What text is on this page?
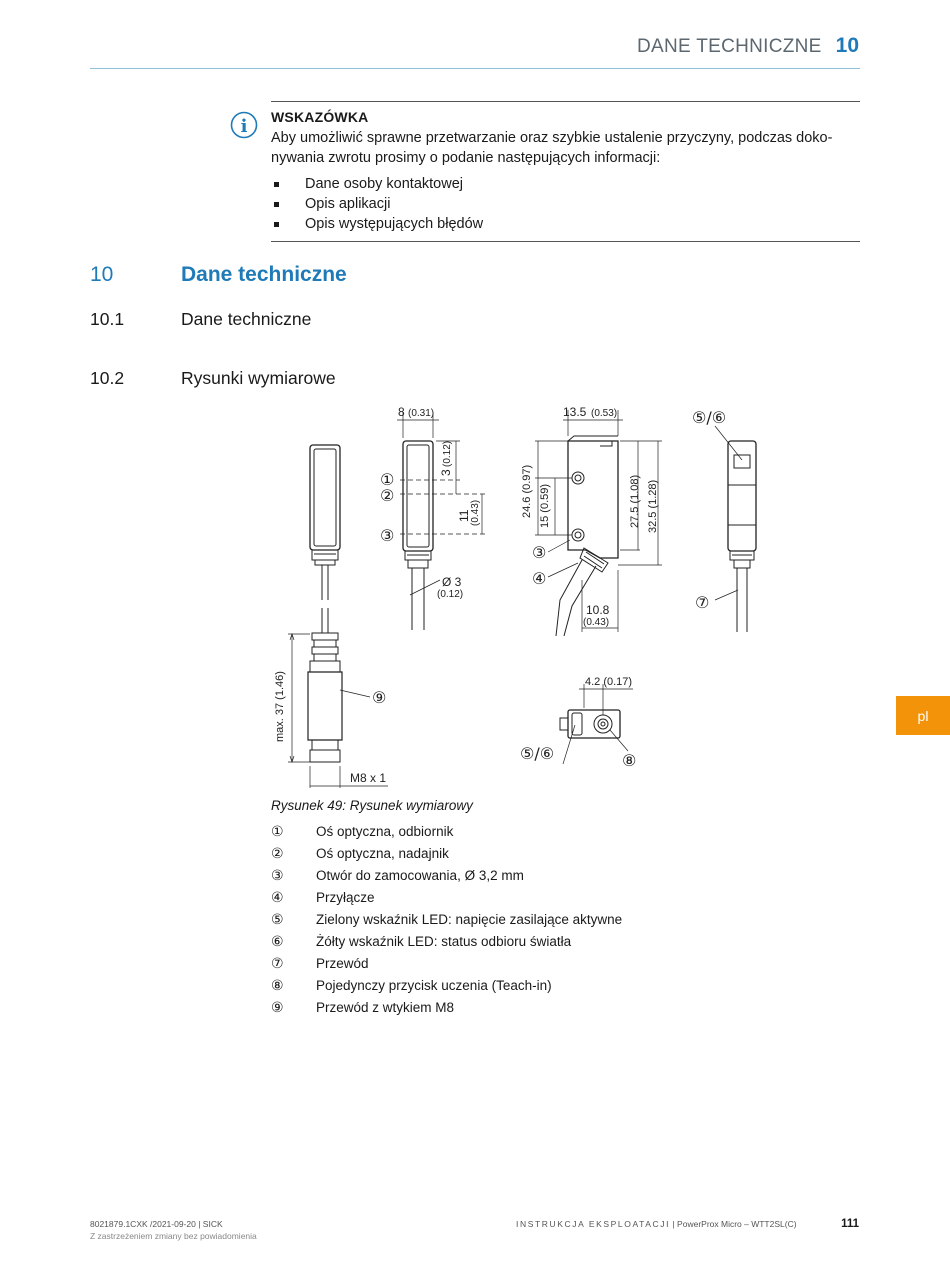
DANE TECHNICZNE 10
i WSKAZÓWKA
Aby umożliwić sprawne przetwarzanie oraz szybkie ustalenie przyczyny, podczas doko- nywania zwrotu prosimy o podanie następujących informacji:
Dane osoby kontaktowej
Opis aplikacji
Opis występujących błędów
10	Dane techniczne
10.1	Dane techniczne
10.2	Rysunki wymiarowe
8 (0.31)
3
(0.12)
11 (0.43)
Ø 3
(0.12)
13.5 (0.53)
24.6 (0.97) 15 (0.59)	27.5 (1.08) 32.5 (1.28)
10.8
(0.43)
4.2 (0.17)
max. 37 (1.46)
M8 x 1
①
②
③
③
④
⑤/⑥
⑦
⑨
⑤/⑥	⑧
Rysunek 49: Rysunek wymiarowy
①	Oś optyczna, odbiornik
②	Oś optyczna, nadajnik
③	Otwór do zamocowania, Ø 3,2 mm
④	Przyłącze
⑤	Zielony wskaźnik LED: napięcie zasilające aktywne
⑥	Żółty wskaźnik LED: status odbioru światła
⑦	Przewód
⑧	Pojedynczy przycisk uczenia (Teach-in)
⑨	Przewód z wtykiem M8
pl
8021879.1CXK /2021-09-20 | SICK
Z zastrzeżeniem zmiany bez powiadomienia
INSTRUKCJA EKSPLOATACJI | PowerProx Micro – WTT2SL(C)	111
